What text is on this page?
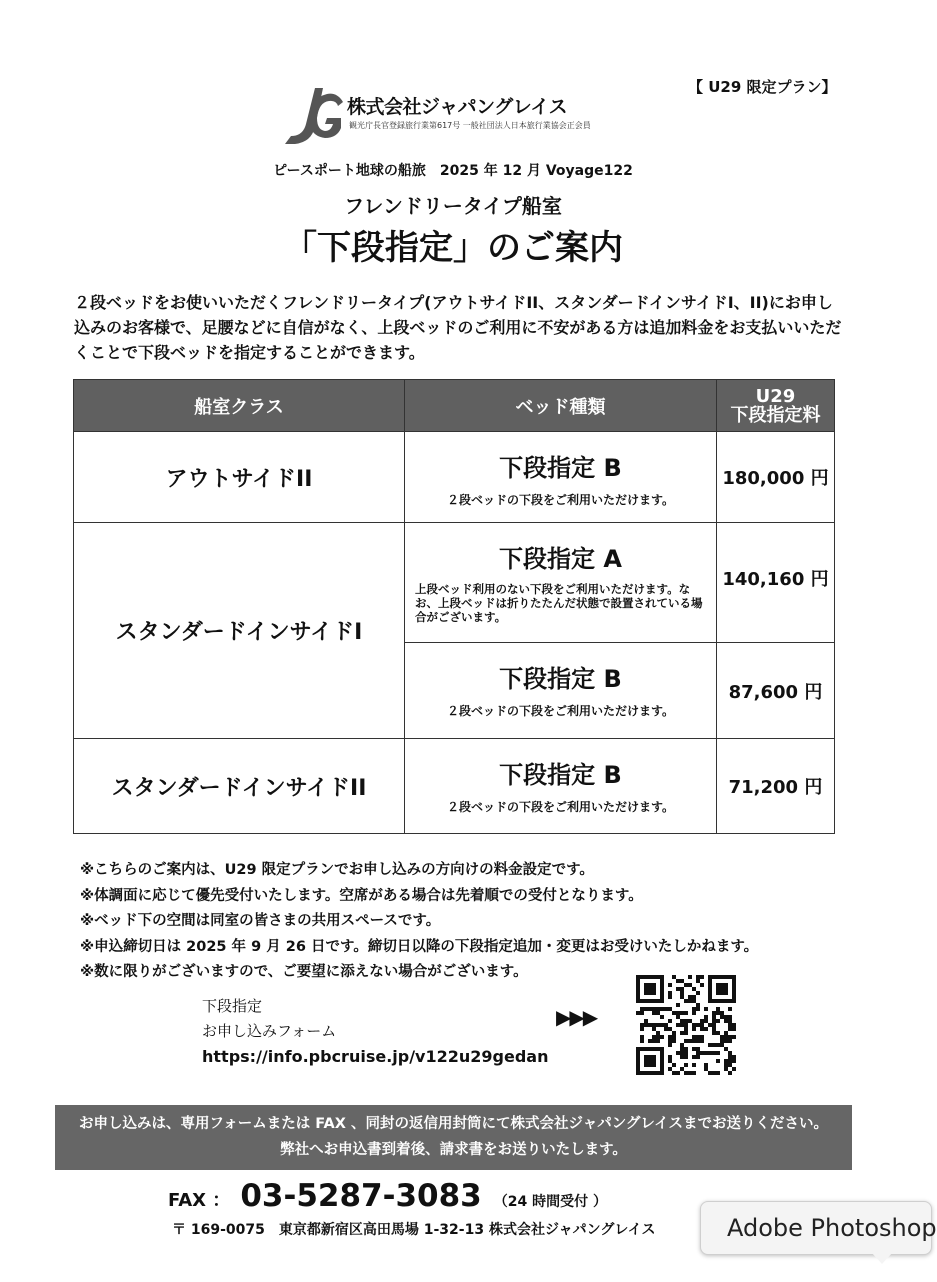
【 U29 限定プラン】
株式会社ジャパングレイス
観光庁長官登録旅行業第617号 一般社団法人日本旅行業協会正会員
ピースポート地球の船旅　2025 年 12 月 Voyage122
フレンドリータイプ船室
「下段指定」のご案内
２段ベッドをお使いいただくフレンドリータイプ(アウトサイドII、スタンダードインサイドI、II)にお申し込みのお客様で、足腰などに自信がなく、上段ベッドのご利用に不安がある方は追加料金をお支払いいただくことで下段ベッドを指定することができます。
船室クラス	ベッド種類	U29
下段指定料

アウトサイドII	下段指定 B
２段ベッドの下段をご利用いただけます。	180,000 円
スタンダードインサイドI	下段指定 A
上段ベッド利用のない下段をご利用いただけます。なお、上段ベッドは折りたたんだ状態で設置されている場合がございます。	140,160 円

	下段指定 B
２段ベッドの下段をご利用いただけます。	87,600 円
スタンダードインサイドII	下段指定 B
２段ベッドの下段をご利用いただけます。	71,200 円
※こちらのご案内は、U29 限定プランでお申し込みの方向けの料金設定です。
※体調面に応じて優先受付いたします。空席がある場合は先着順での受付となります。
※ベッド下の空間は同室の皆さまの共用スペースです。
※申込締切日は 2025 年 9 月 26 日です。締切日以降の下段指定追加・変更はお受けいたしかねます。
※数に限りがございますので、ご要望に添えない場合がございます。
下段指定
お申し込みフォーム
https://info.pbcruise.jp/v122u29gedan
▶▶▶
お申し込みは、専用フォームまたは FAX 、同封の返信用封筒にて株式会社ジャパングレイスまでお送りください。
弊社へお申込書到着後、請求書をお送りいたします。
FAX ： 03-5287-3083 （24 時間受付 ）
〒 169-0075　東京都新宿区高田馬場 1-32-13 株式会社ジャパングレイス	Adobe Photoshop
